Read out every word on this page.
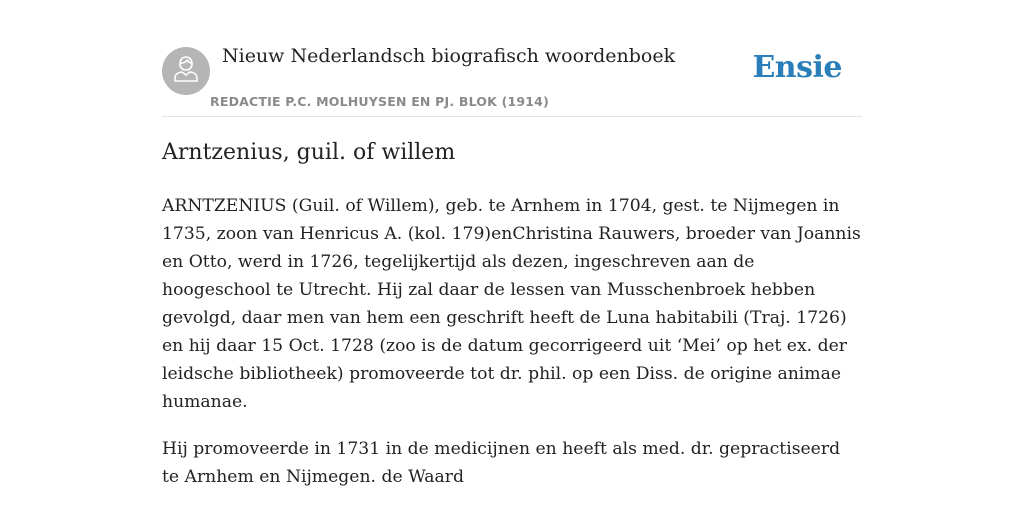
Nieuw Nederlandsch biografisch woordenboek
REDACTIE P.C. MOLHUYSEN EN PJ. BLOK (1914)
Ensie
Arntzenius, guil. of willem

ARNTZENIUS (Guil. of Willem), geb. te Arnhem in 1704, gest. te Nijmegen in 1735, zoon van Henricus A. (kol. 179)enChristina Rauwers, broeder van Joannis en Otto, werd in 1726, tegelijkertijd als dezen, ingeschreven aan de hoogeschool te Utrecht. Hij zal daar de lessen van Musschenbroek hebben gevolgd, daar men van hem een geschrift heeft de Luna habitabili (Traj. 1726) en hij daar 15 Oct. 1728 (zoo is de datum gecorrigeerd uit ‘Mei’ op het ex. der leidsche bibliotheek) promoveerde tot dr. phil. op een Diss. de origine animae humanae.

Hij promoveerde in 1731 in de medicijnen en heeft als med. dr. gepractiseerd te Arnhem en Nijmegen. de Waard
